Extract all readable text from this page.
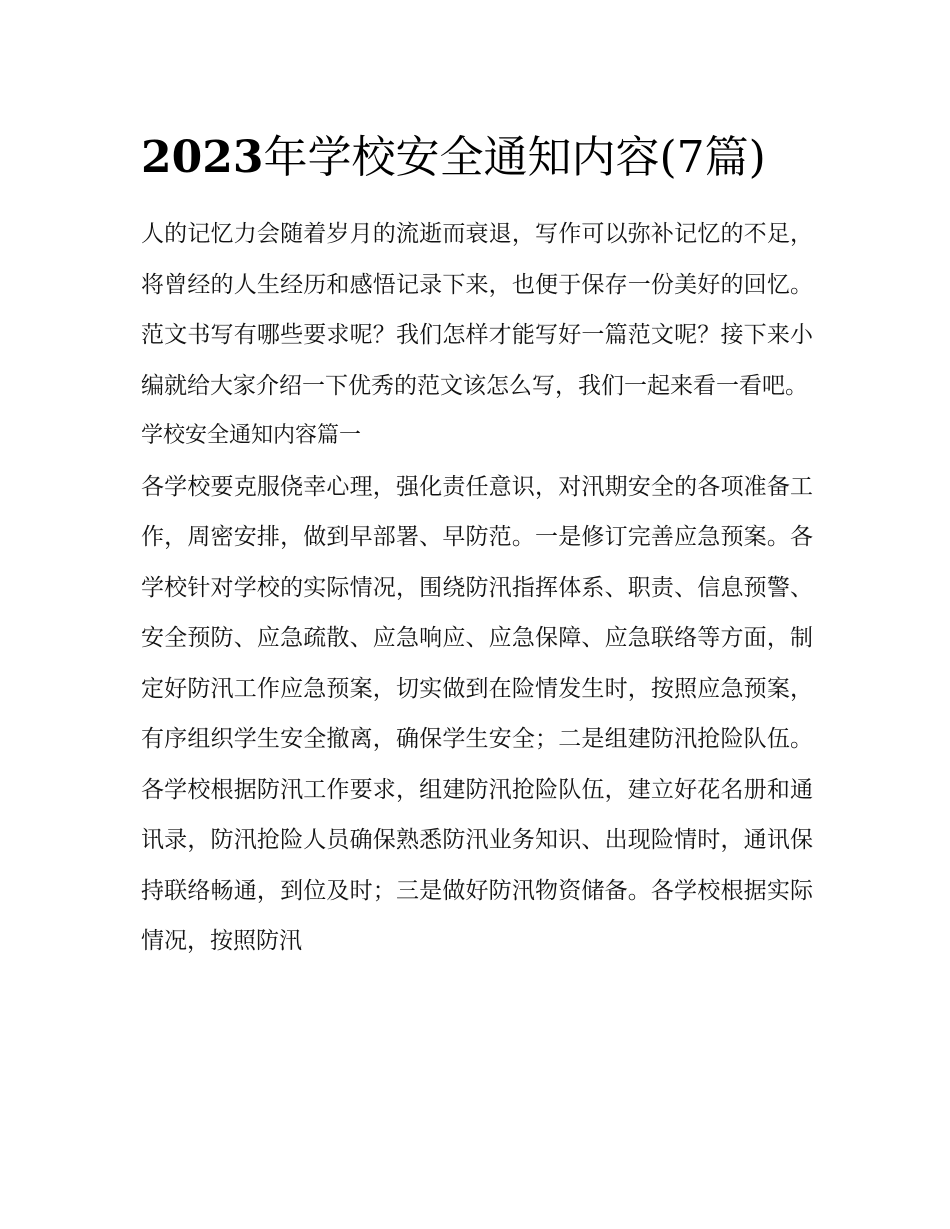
2023年学校安全通知内容(7篇)

人的记忆力会随着岁月的流逝而衰退，写作可以弥补记忆的不足，将曾经的人生经历和感悟记录下来，也便于保存一份美好的回忆。范文书写有哪些要求呢？我们怎样才能写好一篇范文呢？接下来小编就给大家介绍一下优秀的范文该怎么写，我们一起来看一看吧。

学校安全通知内容篇一

各学校要克服侥幸心理，强化责任意识，对汛期安全的各项准备工作，周密安排，做到早部署、早防范。一是修订完善应急预案。各学校针对学校的实际情况，围绕防汛指挥体系、职责、信息预警、安全预防、应急疏散、应急响应、应急保障、应急联络等方面，制定好防汛工作应急预案，切实做到在险情发生时，按照应急预案，有序组织学生安全撤离，确保学生安全；二是组建防汛抢险队伍。各学校根据防汛工作要求，组建防汛抢险队伍，建立好花名册和通讯录，防汛抢险人员确保熟悉防汛业务知识、出现险情时，通讯保持联络畅通，到位及时；三是做好防汛物资储备。各学校根据实际情况，按照防汛
